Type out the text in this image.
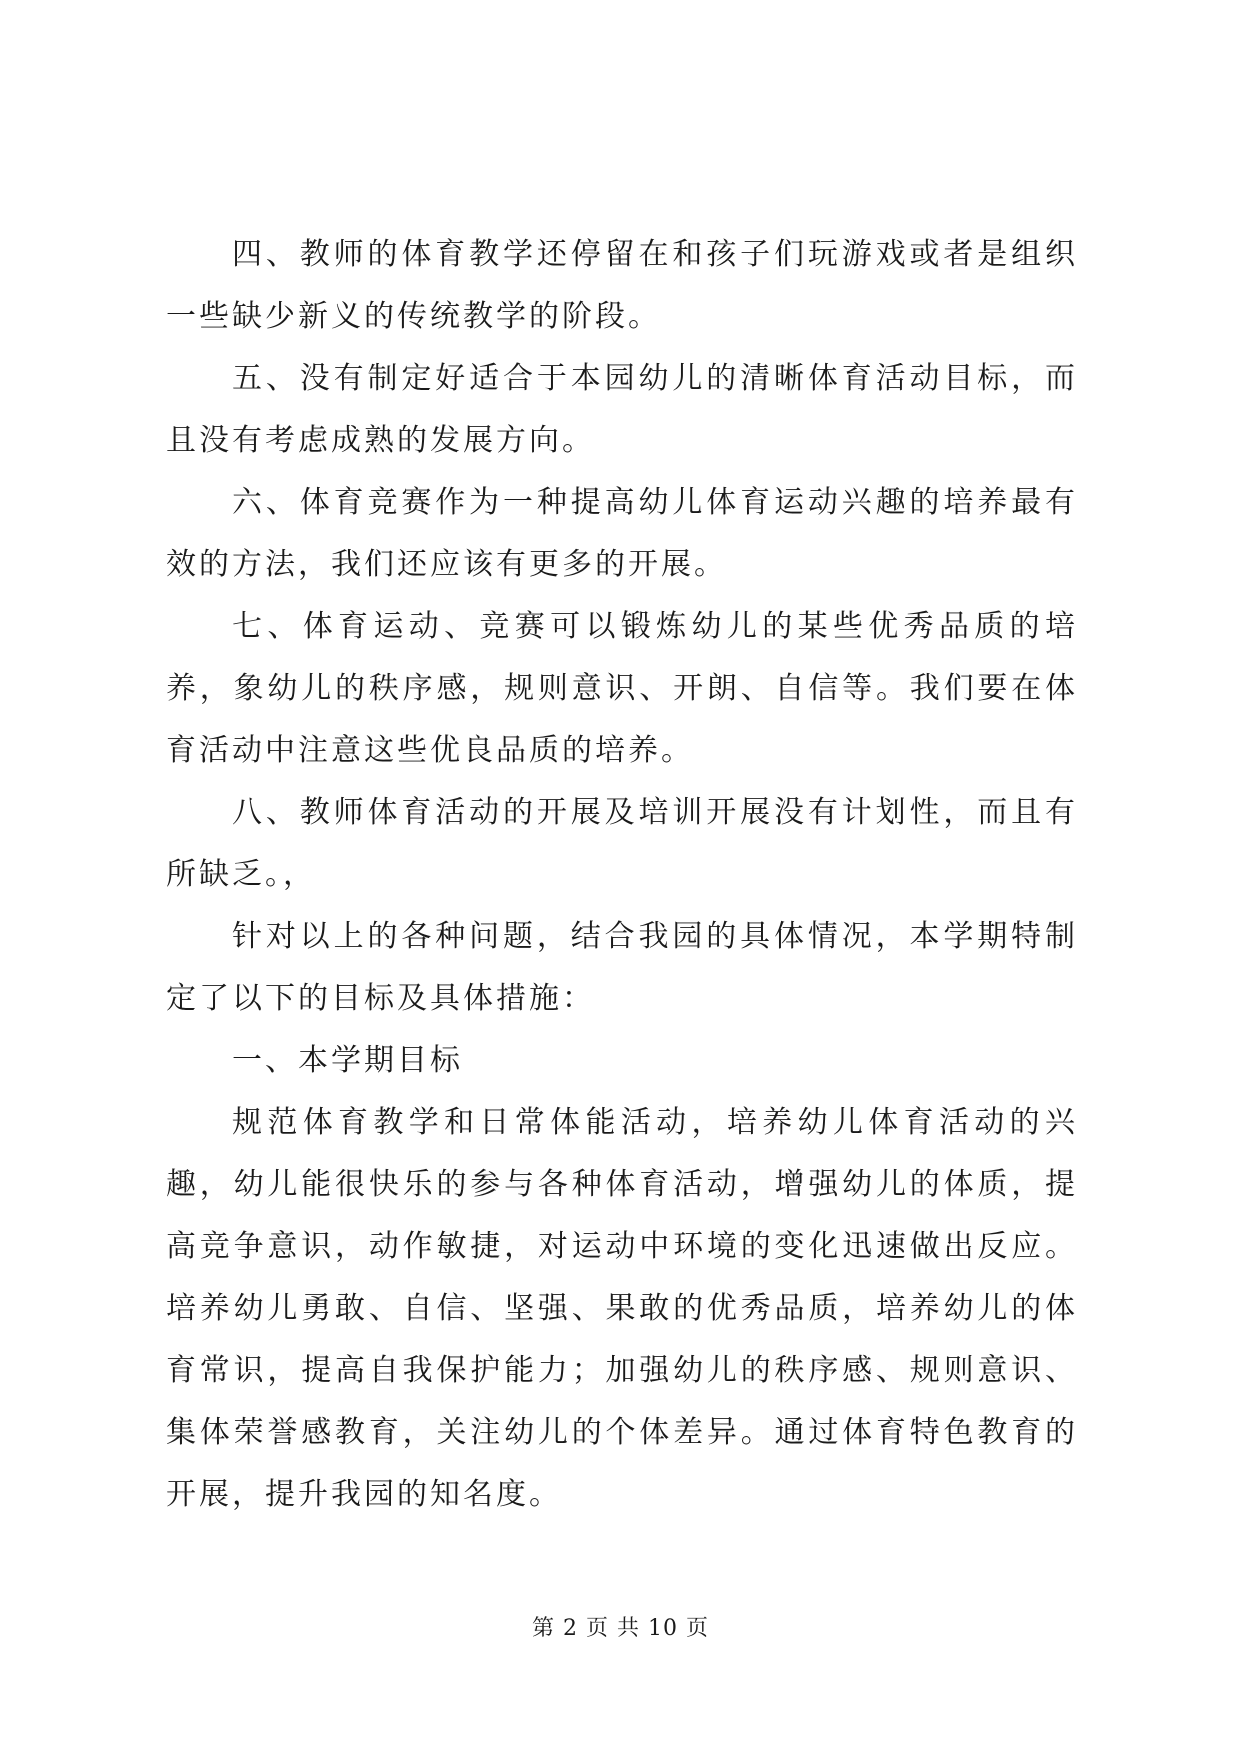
四、教师的体育教学还停留在和孩子们玩游戏或者是组织一些缺少新义的传统教学的阶段。

五、没有制定好适合于本园幼儿的清晰体育活动目标，而且没有考虑成熟的发展方向。

六、体育竞赛作为一种提高幼儿体育运动兴趣的培养最有效的方法，我们还应该有更多的开展。

七、体育运动、竞赛可以锻炼幼儿的某些优秀品质的培养，象幼儿的秩序感，规则意识、开朗、自信等。我们要在体育活动中注意这些优良品质的培养。

八、教师体育活动的开展及培训开展没有计划性，而且有所缺乏。，

针对以上的各种问题，结合我园的具体情况，本学期特制定了以下的目标及具体措施：

一、本学期目标

规范体育教学和日常体能活动，培养幼儿体育活动的兴趣，幼儿能很快乐的参与各种体育活动，增强幼儿的体质，提高竞争意识，动作敏捷，对运动中环境的变化迅速做出反应。培养幼儿勇敢、自信、坚强、果敢的优秀品质，培养幼儿的体育常识，提高自我保护能力；加强幼儿的秩序感、规则意识、集体荣誉感教育，关注幼儿的个体差异。通过体育特色教育的开展，提升我园的知名度。

第 2 页 共 10 页
